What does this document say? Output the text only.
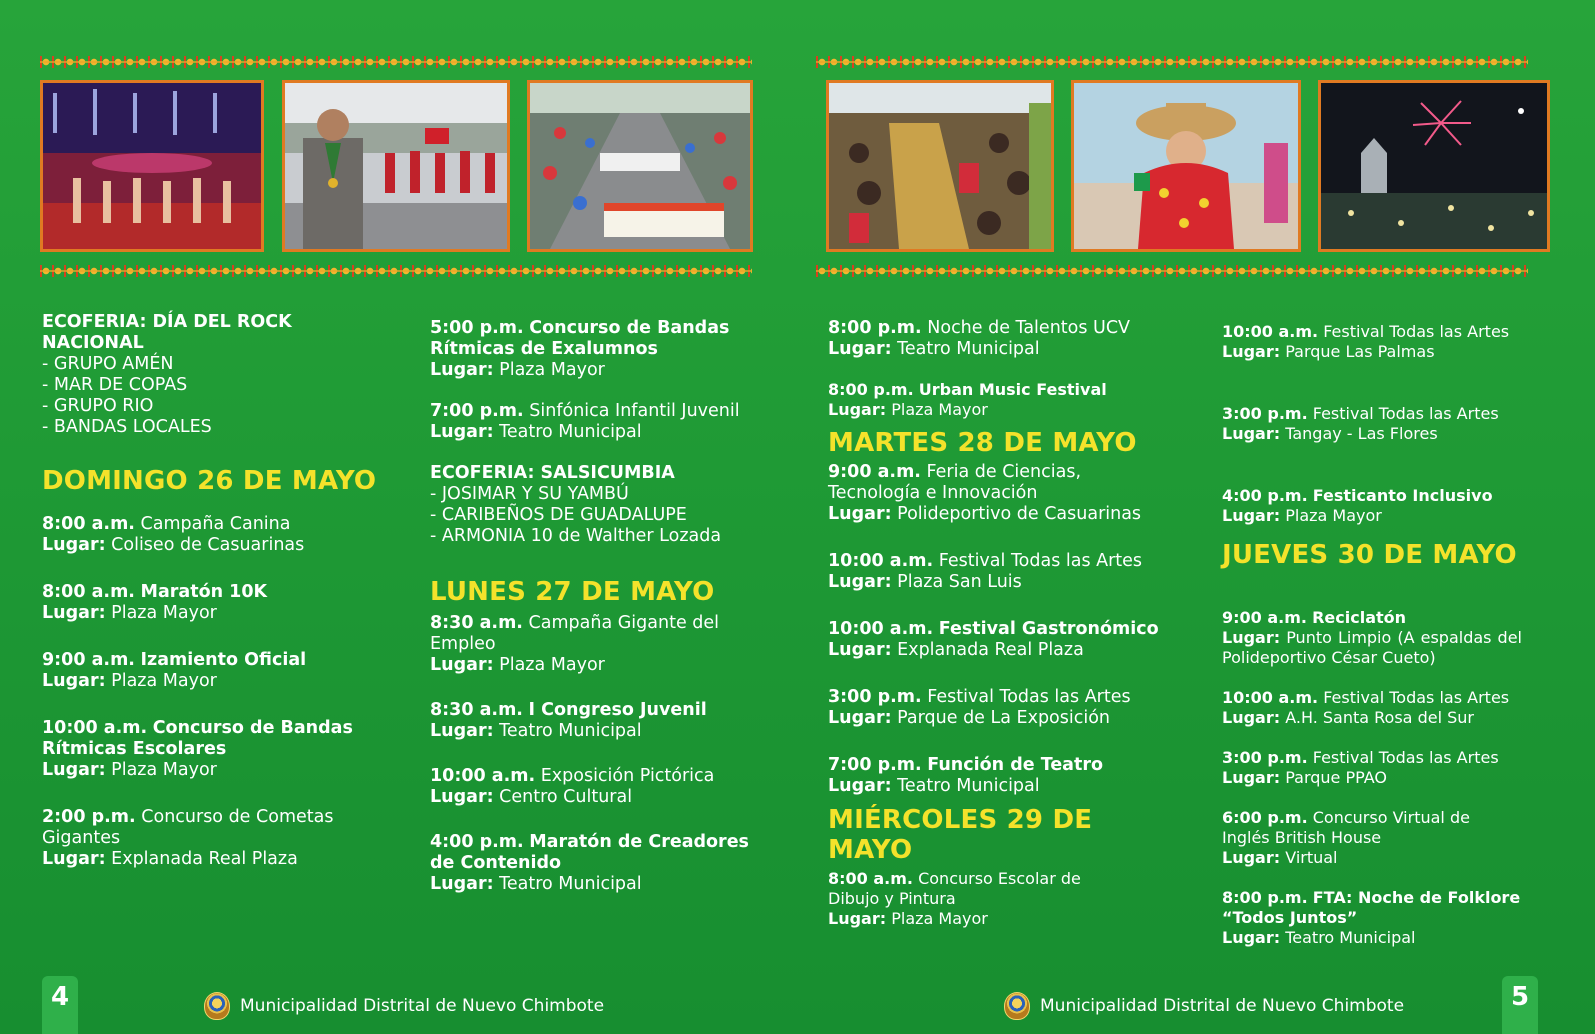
ECOFERIA: DÍA DEL ROCK NACIONAL

- GRUPO AMÉN

- MAR DE COPAS

- GRUPO RIO

- BANDAS LOCALES

DOMINGO 26 DE MAYO

8:00 a.m. Campaña Canina

Lugar: Coliseo de Casuarinas

8:00 a.m. Maratón 10K

Lugar: Plaza Mayor

9:00 a.m. Izamiento Oficial

Lugar: Plaza Mayor

10:00 a.m. Concurso de Bandas Rítmicas Escolares

Lugar: Plaza Mayor

2:00 p.m. Concurso de Cometas Gigantes

Lugar: Explanada Real Plaza

5:00 p.m. Concurso de Bandas Rítmicas de Exalumnos

Lugar: Plaza Mayor

7:00 p.m. Sinfónica Infantil Juvenil

Lugar: Teatro Municipal

ECOFERIA: SALSICUMBIA

- JOSIMAR Y SU YAMBÚ

- CARIBEÑOS DE GUADALUPE

- ARMONIA 10 de Walther Lozada

LUNES 27 DE MAYO

8:30 a.m. Campaña Gigante del Empleo

Lugar: Plaza Mayor

8:30 a.m. I Congreso Juvenil

Lugar: Teatro Municipal

10:00 a.m. Exposición Pictórica

Lugar: Centro Cultural

4:00 p.m. Maratón de Creadores de Contenido

Lugar: Teatro Municipal

8:00 p.m. Noche de Talentos UCV

Lugar: Teatro Municipal

8:00 p.m. Urban Music Festival

Lugar: Plaza Mayor

MARTES 28 DE MAYO

9:00 a.m. Feria de Ciencias, Tecnología e Innovación

Lugar: Polideportivo de Casuarinas

10:00 a.m. Festival Todas las Artes

Lugar: Plaza San Luis

10:00 a.m. Festival Gastronómico

Lugar: Explanada Real Plaza

3:00 p.m. Festival Todas las Artes

Lugar: Parque de La Exposición

7:00 p.m. Función de Teatro

Lugar: Teatro Municipal

MIÉRCOLES 29 DE MAYO

8:00 a.m. Concurso Escolar de Dibujo y Pintura

Lugar: Plaza Mayor

10:00 a.m. Festival Todas las Artes

Lugar: Parque Las Palmas

3:00 p.m. Festival Todas las Artes

Lugar: Tangay - Las Flores

4:00 p.m. Festicanto Inclusivo

Lugar: Plaza Mayor

JUEVES 30 DE MAYO

9:00 a.m. Reciclatón

Lugar: Punto Limpio (A espaldas del Polideportivo César Cueto)

10:00 a.m. Festival Todas las Artes

Lugar: A.H. Santa Rosa del Sur

3:00 p.m. Festival Todas las Artes

Lugar: Parque PPAO

6:00 p.m. Concurso Virtual de Inglés British House

Lugar: Virtual

8:00 p.m. FTA: Noche de Folklore “Todos Juntos”

Lugar: Teatro Municipal

4	5
Municipalidad Distrital de Nuevo Chimbote	Municipalidad Distrital de Nuevo Chimbote
